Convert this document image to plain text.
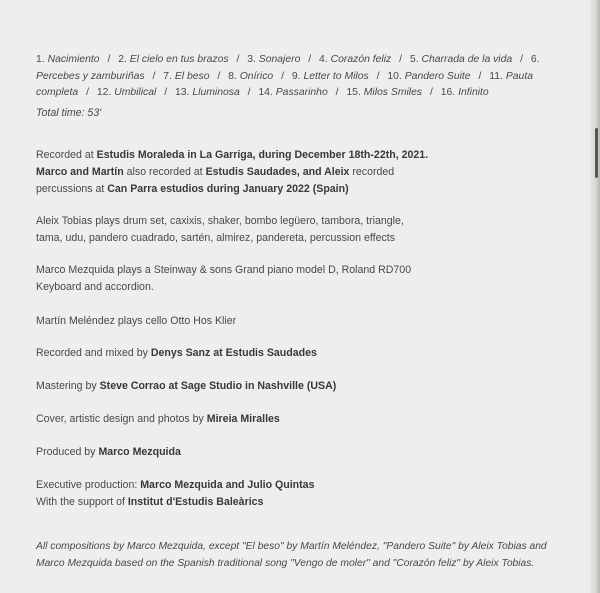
1. Nacimiento / 2. El cielo en tus brazos / 3. Sonajero / 4. Corazón feliz / 5. Charrada de la vida / 6. Percebes y zamburiñas / 7. El beso / 8. Onírico / 9. Letter to Milos / 10. Pandero Suite / 11. Pauta completa / 12. Umbilical / 13. Lluminosa / 14. Passarinho / 15. Milos Smiles / 16. Infinito
Total time: 53'
Recorded at Estudis Moraleda in La Garriga, during December 18th-22th, 2021.
Marco and Martín also recorded at Estudis Saudades, and Aleix recorded
percussions at Can Parra estudios during January 2022 (Spain)
Aleix Tobias plays drum set, caxixis, shaker, bombo legüero, tambora, triangle,
tama, udu, pandero cuadrado, sartén, almirez, pandereta, percussion effects
Marco Mezquida plays a Steinway & sons Grand piano model D, Roland RD700
Keyboard and accordion.
Martín Meléndez plays cello Otto Hos Klier
Recorded and mixed by Denys Sanz at Estudis Saudades
Mastering by Steve Corrao at Sage Studio in Nashville (USA)
Cover, artistic design and photos by Mireia Miralles
Produced by Marco Mezquida
Executive production: Marco Mezquida and Julio Quintas
With the support of Institut d'Estudis Baleàrics
All compositions by Marco Mezquida, except "El beso" by Martín Meléndez, "Pandero Suite" by Aleix Tobias and
Marco Mezquida based on the Spanish traditional song "Vengo de moler" and "Corazón feliz" by Aleix Tobias.
